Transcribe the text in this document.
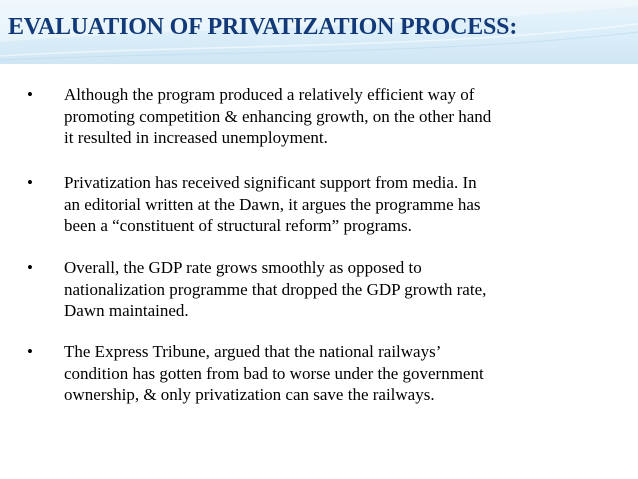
EVALUATION OF PRIVATIZATION PROCESS:
• Although the program produced a relatively efficient way of
promoting competition & enhancing growth, on the other hand
it resulted in increased unemployment.
• Privatization has received significant support from media. In
an editorial written at the Dawn, it argues the programme has
been a “constituent of structural reform” programs.
• Overall, the GDP rate grows smoothly as opposed to
nationalization programme that dropped the GDP growth rate,
Dawn maintained.
• The Express Tribune, argued that the national railways’
condition has gotten from bad to worse under the government
ownership, & only privatization can save the railways.
